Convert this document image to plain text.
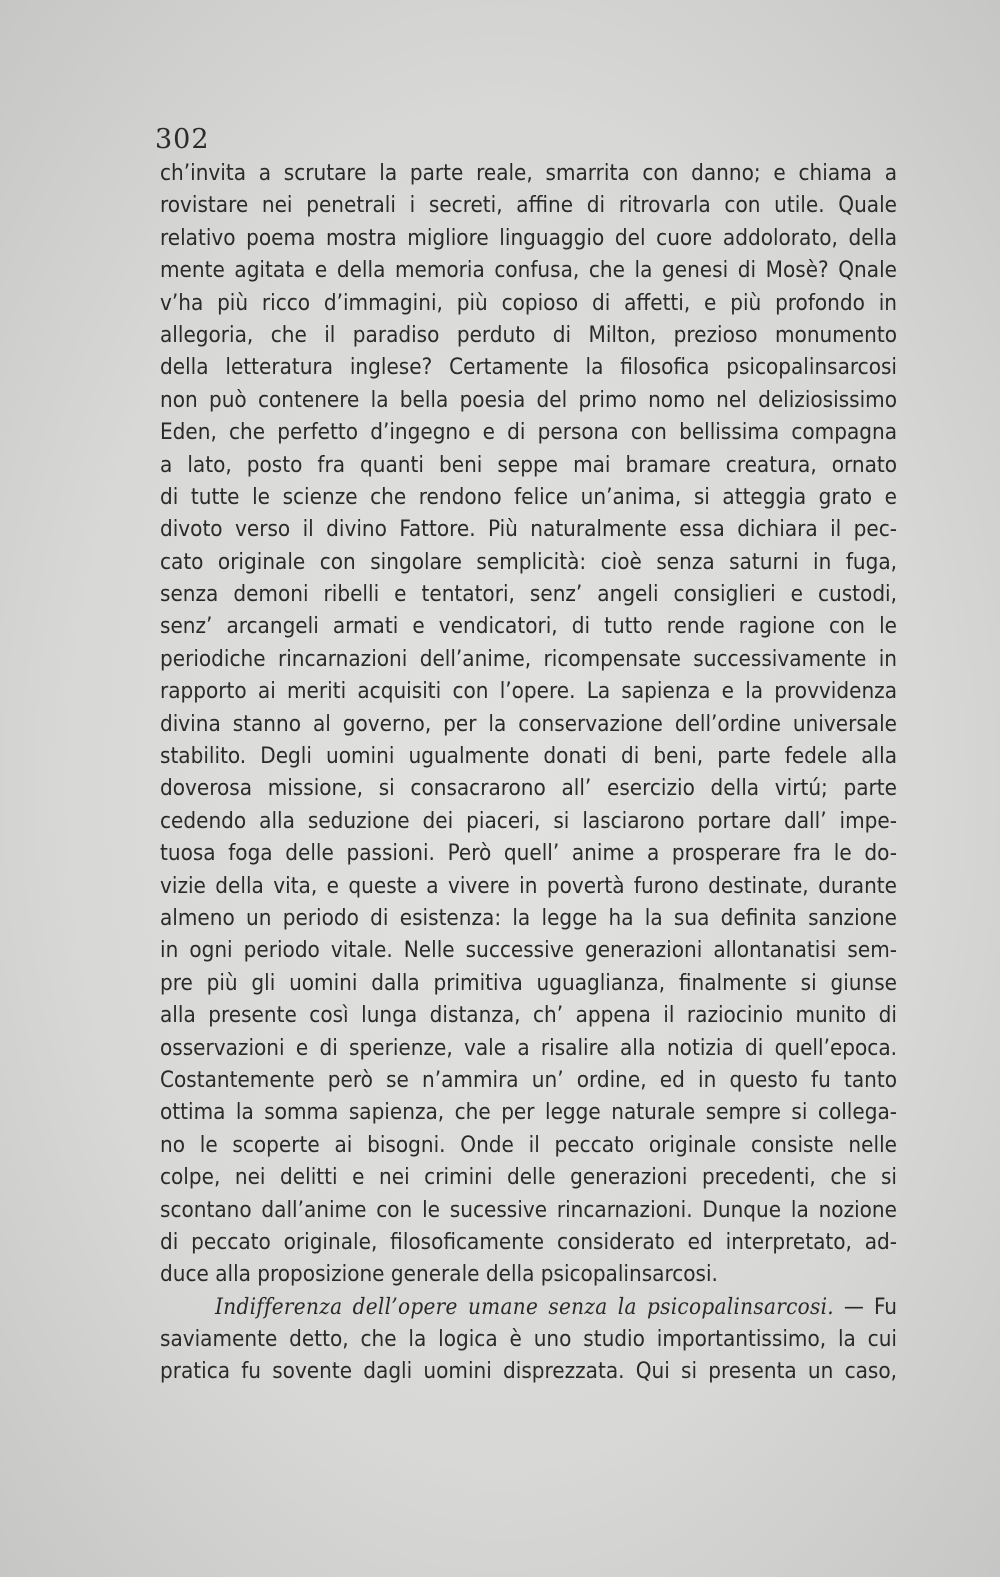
302
ch’invita a scrutare la parte reale, smarrita con danno; e chiama a
rovistare nei penetrali i secreti, affine di ritrovarla con utile. Quale
relativo poema mostra migliore linguaggio del cuore addolorato, della
mente agitata e della memoria confusa, che la genesi di Mosè? Qnale
v’ha più ricco d’immagini, più copioso di affetti, e più profondo in
allegoria, che il paradiso perduto di Milton, prezioso monumento
della letteratura inglese? Certamente la filosofica psicopalinsarcosi
non può contenere la bella poesia del primo nomo nel deliziosissimo
Eden, che perfetto d’ingegno e di persona con bellissima compagna
a lato, posto fra quanti beni seppe mai bramare creatura, ornato
di tutte le scienze che rendono felice un’anima, si atteggia grato e
divoto verso il divino Fattore. Più naturalmente essa dichiara il pec-
cato originale con singolare semplicità: cioè senza saturni in fuga,
senza demoni ribelli e tentatori, senz’ angeli consiglieri e custodi,
senz’ arcangeli armati e vendicatori, di tutto rende ragione con le
periodiche rincarnazioni dell’anime, ricompensate successivamente in
rapporto ai meriti acquisiti con l’opere. La sapienza e la provvidenza
divina stanno al governo, per la conservazione dell’ordine universale
stabilito. Degli uomini ugualmente donati di beni, parte fedele alla
doverosa missione, si consacrarono all’ esercizio della virtú; parte
cedendo alla seduzione dei piaceri, si lasciarono portare dall’ impe-
tuosa foga delle passioni. Però quell’ anime a prosperare fra le do-
vizie della vita, e queste a vivere in povertà furono destinate, durante
almeno un periodo di esistenza: la legge ha la sua definita sanzione
in ogni periodo vitale. Nelle successive generazioni allontanatisi sem-
pre più gli uomini dalla primitiva uguaglianza, finalmente si giunse
alla presente così lunga distanza, ch’ appena il raziocinio munito di
osservazioni e di sperienze, vale a risalire alla notizia di quell’epoca.
Costantemente però se n’ammira un’ ordine, ed in questo fu tanto
ottima la somma sapienza, che per legge naturale sempre si collega-
no le scoperte ai bisogni. Onde il peccato originale consiste nelle
colpe, nei delitti e nei crimini delle generazioni precedenti, che si
scontano dall’anime con le sucessive rincarnazioni. Dunque la nozione
di peccato originale, filosoficamente considerato ed interpretato, ad-
duce alla proposizione generale della psicopalinsarcosi.
Indifferenza dell’opere umane senza la psicopalinsarcosi. — Fu
saviamente detto, che la logica è uno studio importantissimo, la cui
pratica fu sovente dagli uomini disprezzata. Qui si presenta un caso,
